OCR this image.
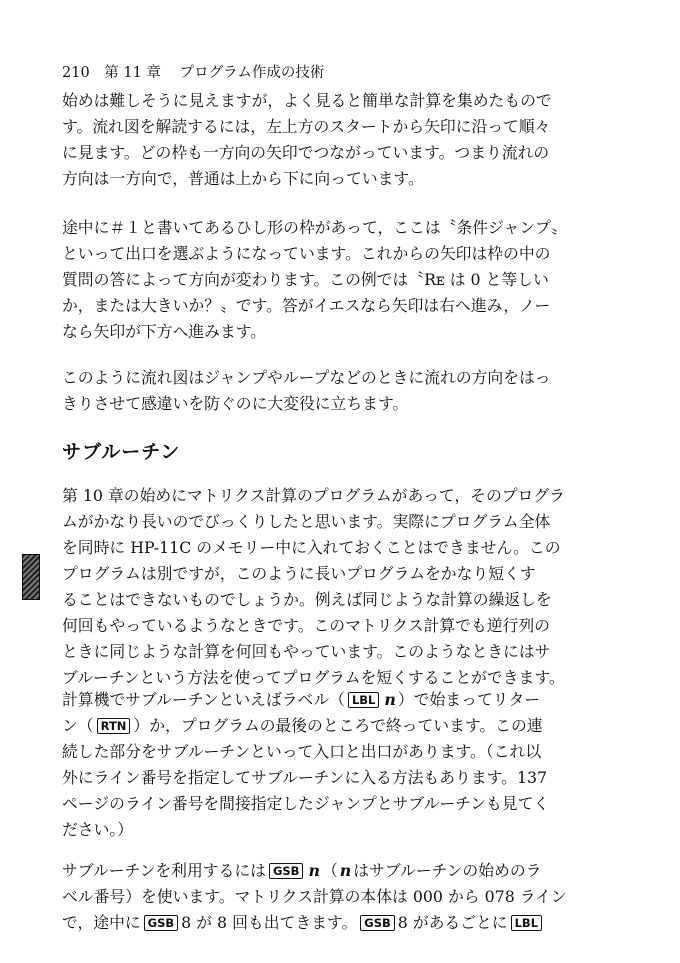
210 第 11 章 プログラム作成の技術
始めは難しそうに見えますが，よく見ると簡単な計算を集めたもので
す。流れ図を解読するには，左上方のスタートから矢印に沿って順々
に見ます。どの枠も一方向の矢印でつながっています。つまり流れの
方向は一方向で，普通は上から下に向っています。
途中に＃１と書いてあるひし形の枠があって，ここは〝条件ジャンプ〟
といって出口を選ぶようになっています。これからの矢印は枠の中の
質問の答によって方向が変わります。この例では〝Rᴇ は 0 と等しい
か，または大きいか？〟です。答がイエスなら矢印は右へ進み，ノー
なら矢印が下方へ進みます。
このように流れ図はジャンプやループなどのときに流れの方向をはっ
きりさせて感違いを防ぐのに大変役に立ちます。
サブルーチン
第 10 章の始めにマトリクス計算のプログラムがあって，そのプログラ
ムがかなり長いのでびっくりしたと思います。実際にプログラム全体
を同時に HP-11C のメモリー中に入れておくことはできません。この
プログラムは別ですが，このように長いプログラムをかなり短くす
ることはできないものでしょうか。例えば同じような計算の繰返しを
何回もやっているようなときです。このマトリクス計算でも逆行列の
ときに同じような計算を何回もやっています。このようなときにはサ
ブルーチンという方法を使ってプログラムを短くすることができます。
計算機でサブルーチンといえばラベル（ LBL n ）で始まってリター
ン（ RTN ）か，プログラムの最後のところで終っています。この連
続した部分をサブルーチンといって入口と出口があります。（これ以
外にライン番号を指定してサブルーチンに入る方法もあります。137
ページのライン番号を間接指定したジャンプとサブルーチンも見てく
ださい。）
サブルーチンを利用するには GSB n （ n はサブルーチンの始めのラ
ベル番号）を使います。マトリクス計算の本体は 000 から 078 ライン
で，途中に GSB 8 が 8 回も出てきます。 GSB 8 があるごとに LBL
